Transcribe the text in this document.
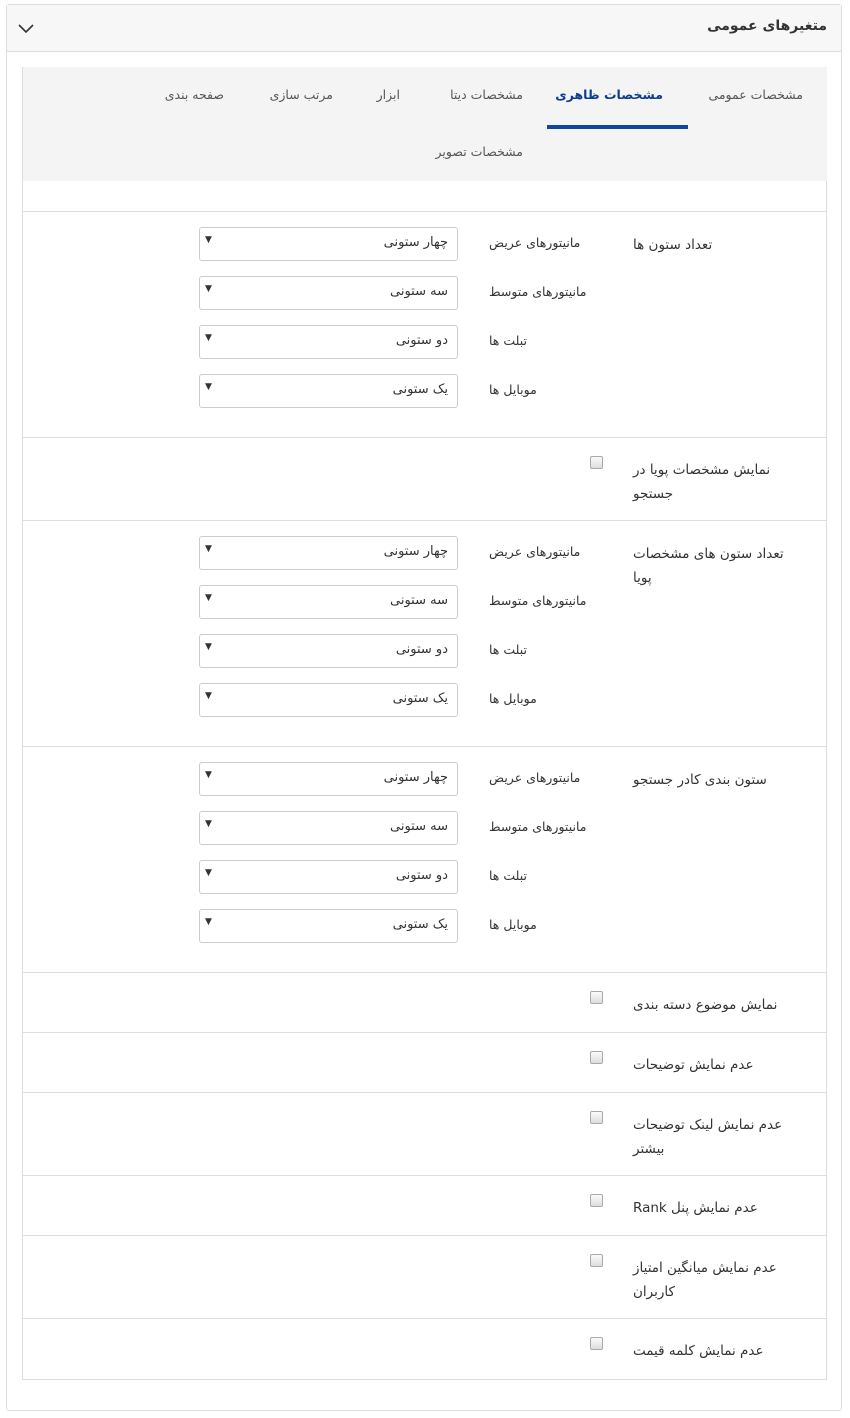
متغیرهای عمومی
مشخصات عمومی
مشخصات ظاهری
مشخصات دیتا
ابزار
مرتب سازی
صفحه بندی
مشخصات تصویر
تعداد ستون ها
مانیتورهای عریض
چهار ستونی
▼
مانیتورهای متوسط
سه ستونی
▼
تبلت ها
دو ستونی
▼
موبایل ها
یک ستونی
▼
نمایش مشخصات پویا در جستجو
تعداد ستون های مشخصات پویا
مانیتورهای عریض
چهار ستونی
▼
مانیتورهای متوسط
سه ستونی
▼
تبلت ها
دو ستونی
▼
موبایل ها
یک ستونی
▼
ستون بندی کادر جستجو
مانیتورهای عریض
چهار ستونی
▼
مانیتورهای متوسط
سه ستونی
▼
تبلت ها
دو ستونی
▼
موبایل ها
یک ستونی
▼
نمایش موضوع دسته بندی
عدم نمایش توضیحات
عدم نمایش لینک توضیحات بیشتر
عدم نمایش پنل Rank
عدم نمایش میانگین امتیاز کاربران
عدم نمایش کلمه قیمت
